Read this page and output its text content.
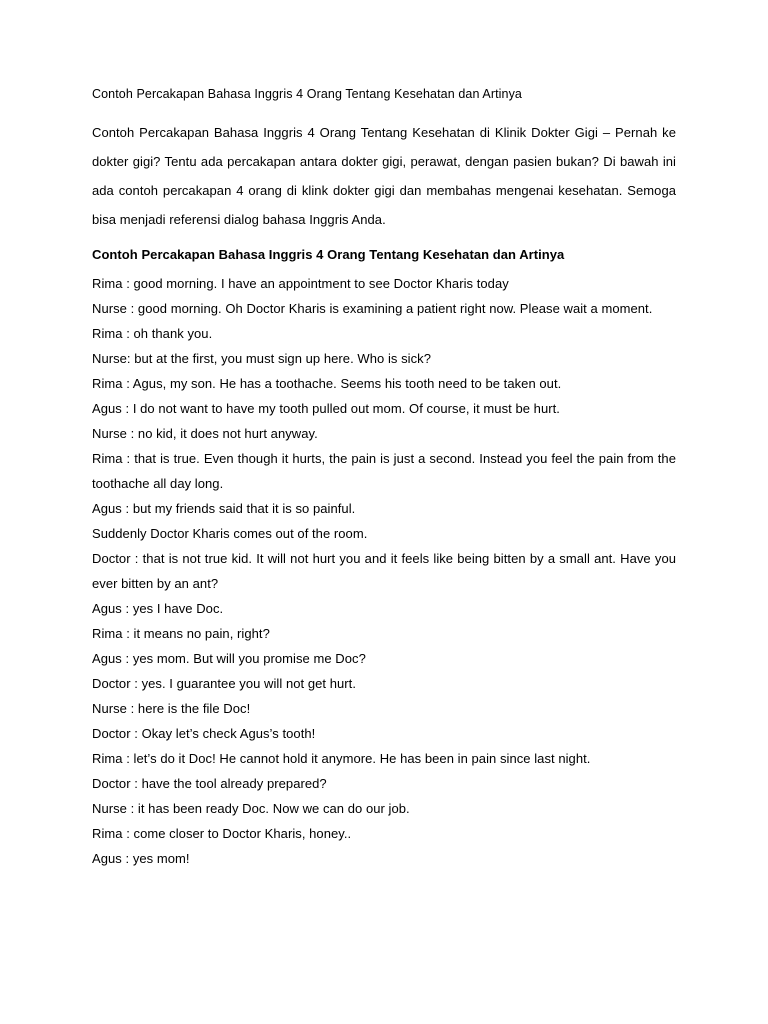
Contoh Percakapan Bahasa Inggris 4 Orang Tentang Kesehatan dan Artinya

Contoh Percakapan Bahasa Inggris 4 Orang Tentang Kesehatan di Klinik Dokter Gigi – Pernah ke dokter gigi? Tentu ada percakapan antara dokter gigi, perawat, dengan pasien bukan? Di bawah ini ada contoh percakapan 4 orang di klink dokter gigi dan membahas mengenai kesehatan. Semoga bisa menjadi referensi dialog bahasa Inggris Anda.

Contoh Percakapan Bahasa Inggris 4 Orang Tentang Kesehatan dan Artinya

Rima : good morning. I have an appointment to see Doctor Kharis today

Nurse : good morning. Oh Doctor Kharis is examining a patient right now. Please wait a moment.

Rima : oh thank you.

Nurse: but at the first, you must sign up here. Who is sick?

Rima : Agus, my son. He has a toothache. Seems his tooth need to be taken out.

Agus : I do not want to have my tooth pulled out mom. Of course, it must be hurt.

Nurse : no kid, it does not hurt anyway.

Rima : that is true. Even though it hurts, the pain is just a second. Instead you feel the pain from the toothache all day long.

Agus : but my friends said that it is so painful.

Suddenly Doctor Kharis comes out of the room.

Doctor : that is not true kid. It will not hurt you and it feels like being bitten by a small ant. Have you ever bitten by an ant?

Agus : yes I have Doc.

Rima : it means no pain, right?

Agus : yes mom. But will you promise me Doc?

Doctor : yes. I guarantee you will not get hurt.

Nurse : here is the file Doc!

Doctor : Okay let’s check Agus’s tooth!

Rima : let’s do it Doc! He cannot hold it anymore. He has been in pain since last night.

Doctor : have the tool already prepared?

Nurse : it has been ready Doc. Now we can do our job.

Rima : come closer to Doctor Kharis, honey..

Agus : yes mom!
